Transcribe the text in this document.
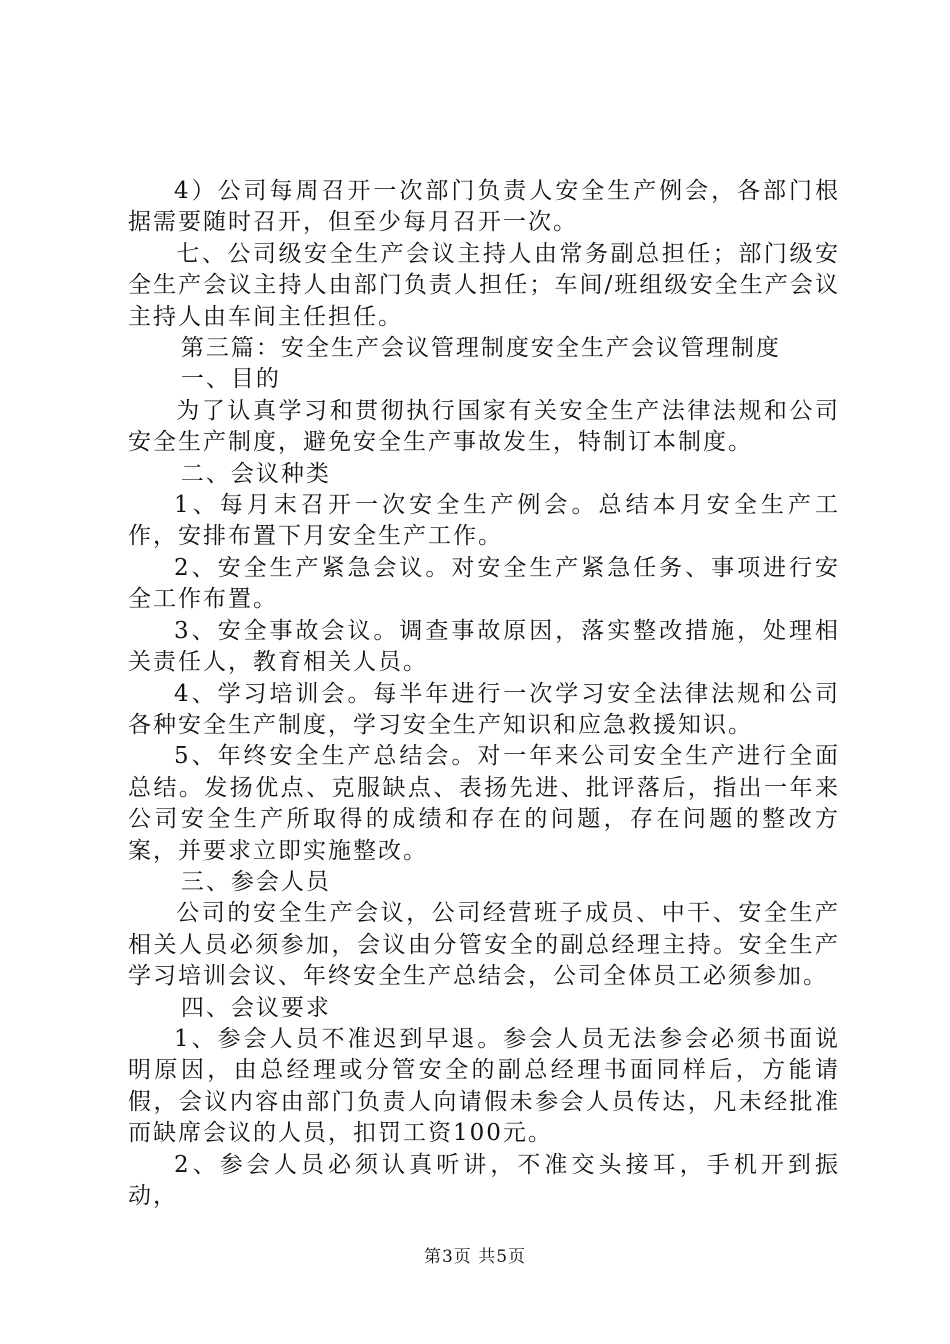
4）公司每周召开一次部门负责人安全生产例会，各部门根据需要随时召开，但至少每月召开一次。

七、公司级安全生产会议主持人由常务副总担任；部门级安全生产会议主持人由部门负责人担任；车间/班组级安全生产会议主持人由车间主任担任。

第三篇：安全生产会议管理制度安全生产会议管理制度

一、目的

为了认真学习和贯彻执行国家有关安全生产法律法规和公司安全生产制度，避免安全生产事故发生，特制订本制度。

二、会议种类

1、每月末召开一次安全生产例会。总结本月安全生产工作，安排布置下月安全生产工作。

2、安全生产紧急会议。对安全生产紧急任务、事项进行安全工作布置。

3、安全事故会议。调查事故原因，落实整改措施，处理相关责任人，教育相关人员。

4、学习培训会。每半年进行一次学习安全法律法规和公司各种安全生产制度，学习安全生产知识和应急救援知识。

5、年终安全生产总结会。对一年来公司安全生产进行全面总结。发扬优点、克服缺点、表扬先进、批评落后，指出一年来公司安全生产所取得的成绩和存在的问题，存在问题的整改方案，并要求立即实施整改。

三、参会人员

公司的安全生产会议，公司经营班子成员、中干、安全生产相关人员必须参加，会议由分管安全的副总经理主持。安全生产学习培训会议、年终安全生产总结会，公司全体员工必须参加。

四、会议要求

1、参会人员不准迟到早退。参会人员无法参会必须书面说明原因，由总经理或分管安全的副总经理书面同样后，方能请假，会议内容由部门负责人向请假未参会人员传达，凡未经批准而缺席会议的人员，扣罚工资100元。

2、参会人员必须认真听讲，不准交头接耳，手机开到振动，

第3页 共5页
